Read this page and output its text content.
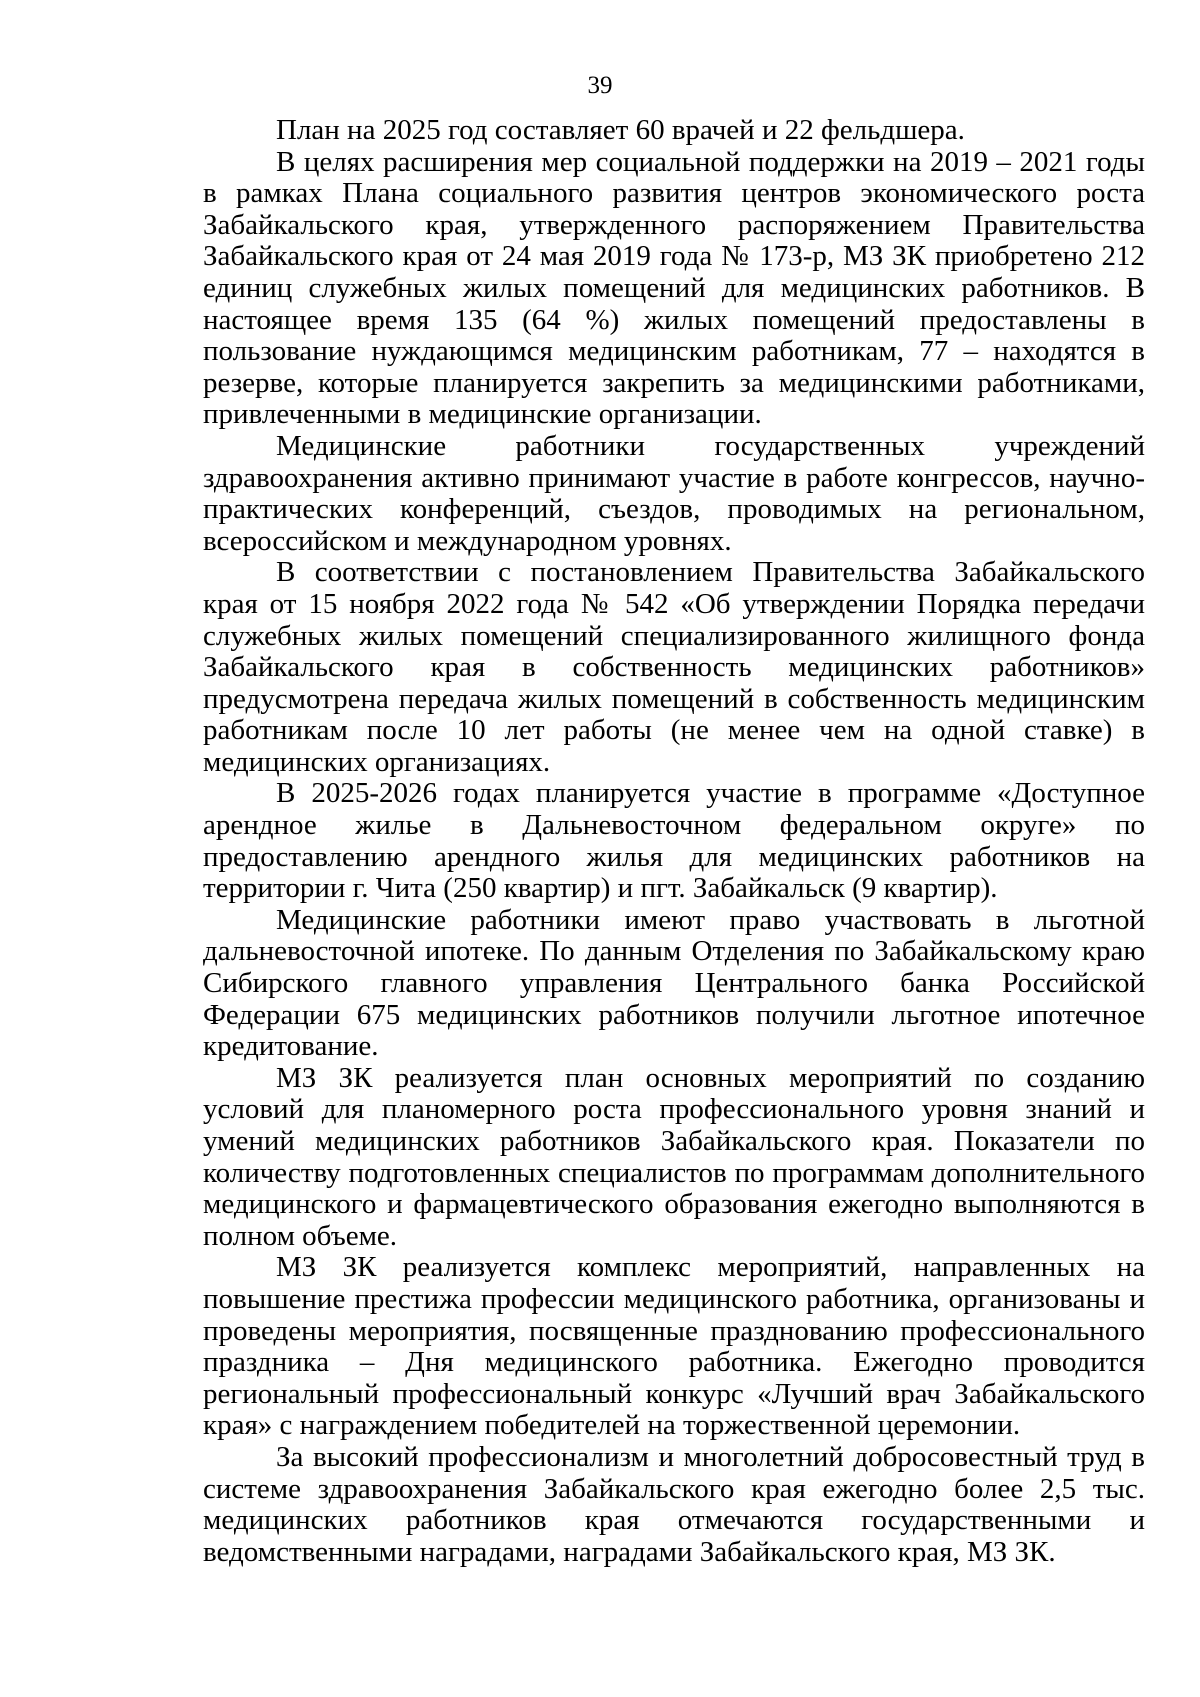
39

План на 2025 год составляет 60 врачей и 22 фельдшера.

В целях расширения мер социальной поддержки на 2019 – 2021 годы в рамках Плана социального развития центров экономического роста Забайкальского края, утвержденного распоряжением Правительства Забайкальского края от 24 мая 2019 года № 173-р, МЗ ЗК приобретено 212 единиц служебных жилых помещений для медицинских работников. В настоящее время 135 (64 %) жилых помещений предоставлены в пользование нуждающимся медицинским работникам, 77 – находятся в резерве, которые планируется закрепить за медицинскими работниками, привлеченными в медицинские организации.

Медицинские работники государственных учреждений здравоохранения активно принимают участие в работе конгрессов, научно-практических конференций, съездов, проводимых на региональном, всероссийском и международном уровнях.

В соответствии с постановлением Правительства Забайкальского края от 15 ноября 2022 года № 542 «Об утверждении Порядка передачи служебных жилых помещений специализированного жилищного фонда Забайкальского края в собственность медицинских работников» предусмотрена передача жилых помещений в собственность медицинским работникам после 10 лет работы (не менее чем на одной ставке) в медицинских организациях.

В 2025-2026 годах планируется участие в программе «Доступное арендное жилье в Дальневосточном федеральном округе» по предоставлению арендного жилья для медицинских работников на территории г. Чита (250 квартир) и пгт. Забайкальск (9 квартир).

Медицинские работники имеют право участвовать в льготной дальневосточной ипотеке. По данным Отделения по Забайкальскому краю Сибирского главного управления Центрального банка Российской Федерации 675 медицинских работников получили льготное ипотечное кредитование.

МЗ ЗК реализуется план основных мероприятий по созданию условий для планомерного роста профессионального уровня знаний и умений медицинских работников Забайкальского края. Показатели по количеству подготовленных специалистов по программам дополнительного медицинского и фармацевтического образования ежегодно выполняются в полном объеме.

МЗ ЗК реализуется комплекс мероприятий, направленных на повышение престижа профессии медицинского работника, организованы и проведены мероприятия, посвященные празднованию профессионального праздника – Дня медицинского работника. Ежегодно проводится региональный профессиональный конкурс «Лучший врач Забайкальского края» с награждением победителей на торжественной церемонии.

За высокий профессионализм и многолетний добросовестный труд в системе здравоохранения Забайкальского края ежегодно более 2,5 тыс. медицинских работников края отмечаются государственными и ведомственными наградами, наградами Забайкальского края, МЗ ЗК.
